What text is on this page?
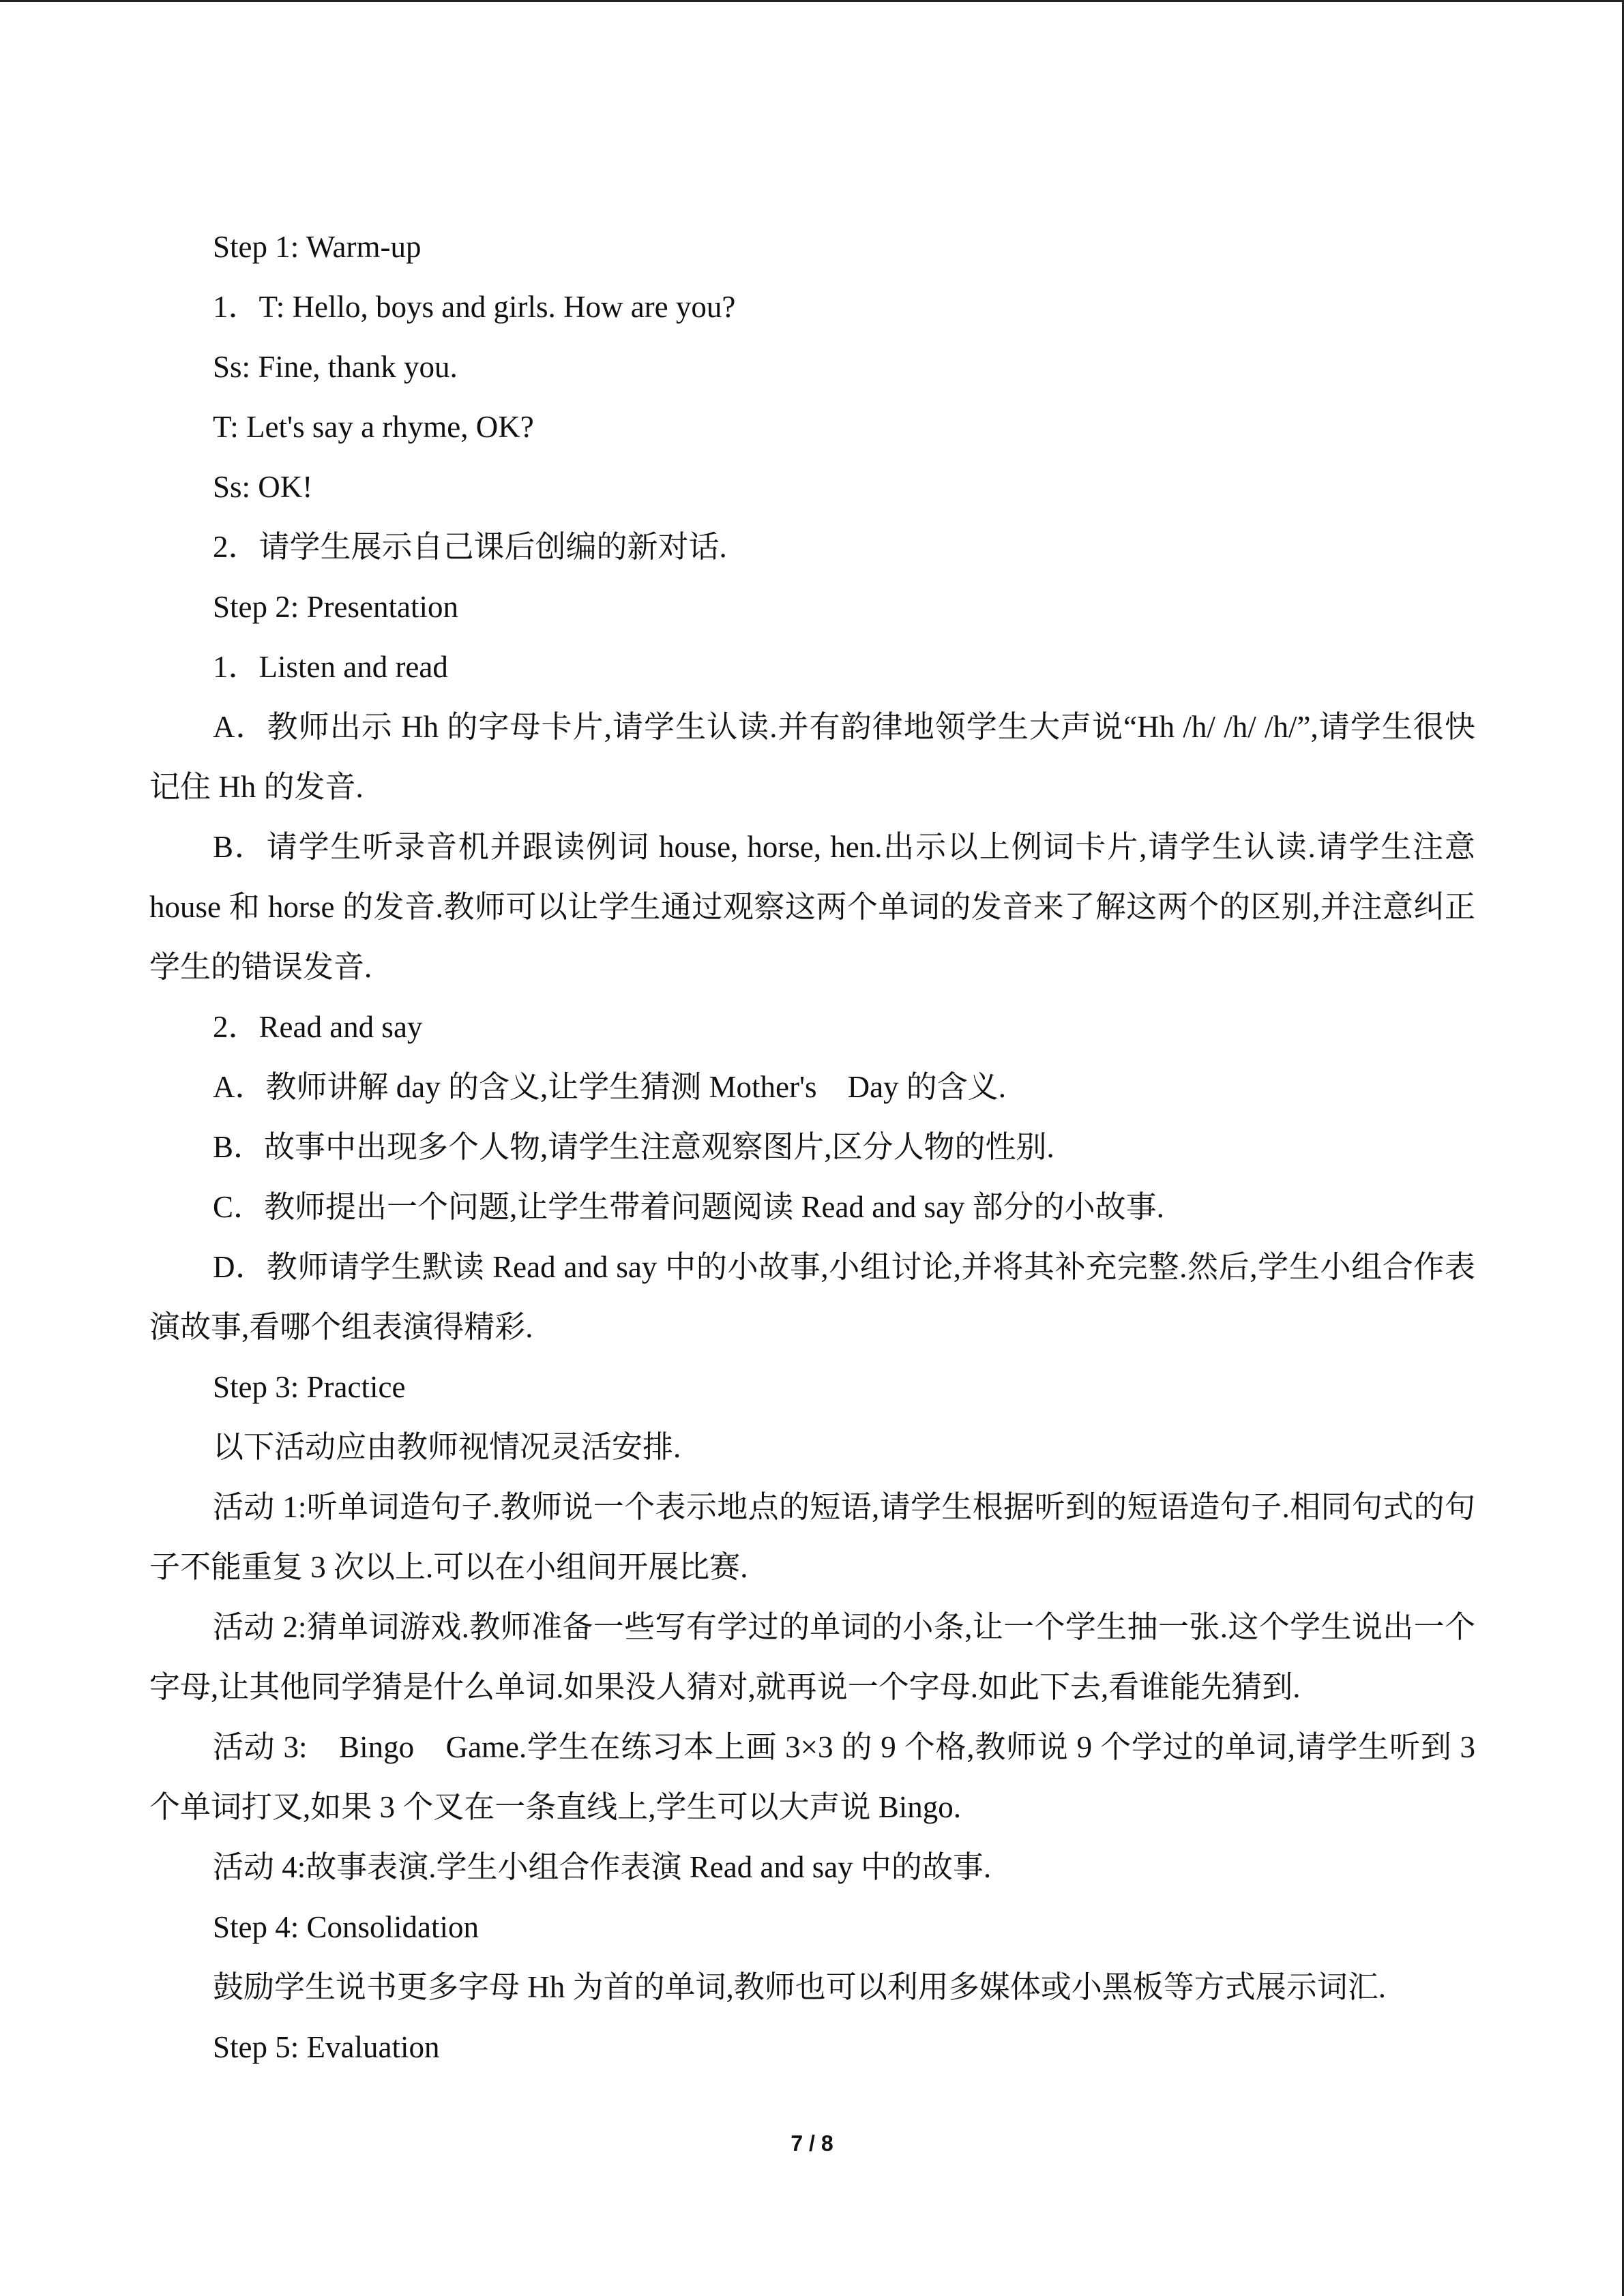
Step 1: Warm-up

1．T: Hello, boys and girls. How are you?

Ss: Fine, thank you.

T: Let's say a rhyme, OK?

Ss: OK!

2．请学生展示自己课后创编的新对话.

Step 2: Presentation

1．Listen and read

A．教师出示 Hh 的字母卡片,请学生认读.并有韵律地领学生大声说“Hh /h/ /h/ /h/”,请学生很快记住 Hh 的发音.

B．请学生听录音机并跟读例词 house, horse, hen.出示以上例词卡片,请学生认读.请学生注意 house 和 horse 的发音.教师可以让学生通过观察这两个单词的发音来了解这两个的区别,并注意纠正学生的错误发音.

2．Read and say

A．教师讲解 day 的含义,让学生猜测 Mother's　Day 的含义.

B．故事中出现多个人物,请学生注意观察图片,区分人物的性别.

C．教师提出一个问题,让学生带着问题阅读 Read and say 部分的小故事.

D．教师请学生默读 Read and say 中的小故事,小组讨论,并将其补充完整.然后,学生小组合作表演故事,看哪个组表演得精彩.

Step 3: Practice

以下活动应由教师视情况灵活安排.

活动 1:听单词造句子.教师说一个表示地点的短语,请学生根据听到的短语造句子.相同句式的句子不能重复 3 次以上.可以在小组间开展比赛.

活动 2:猜单词游戏.教师准备一些写有学过的单词的小条,让一个学生抽一张.这个学生说出一个字母,让其他同学猜是什么单词.如果没人猜对,就再说一个字母.如此下去,看谁能先猜到.

活动 3:　Bingo　Game.学生在练习本上画 3×3 的 9 个格,教师说 9 个学过的单词,请学生听到 3 个单词打叉,如果 3 个叉在一条直线上,学生可以大声说 Bingo.

活动 4:故事表演.学生小组合作表演 Read and say 中的故事.

Step 4: Consolidation

鼓励学生说书更多字母 Hh 为首的单词,教师也可以利用多媒体或小黑板等方式展示词汇.

Step 5: Evaluation

7 / 8
